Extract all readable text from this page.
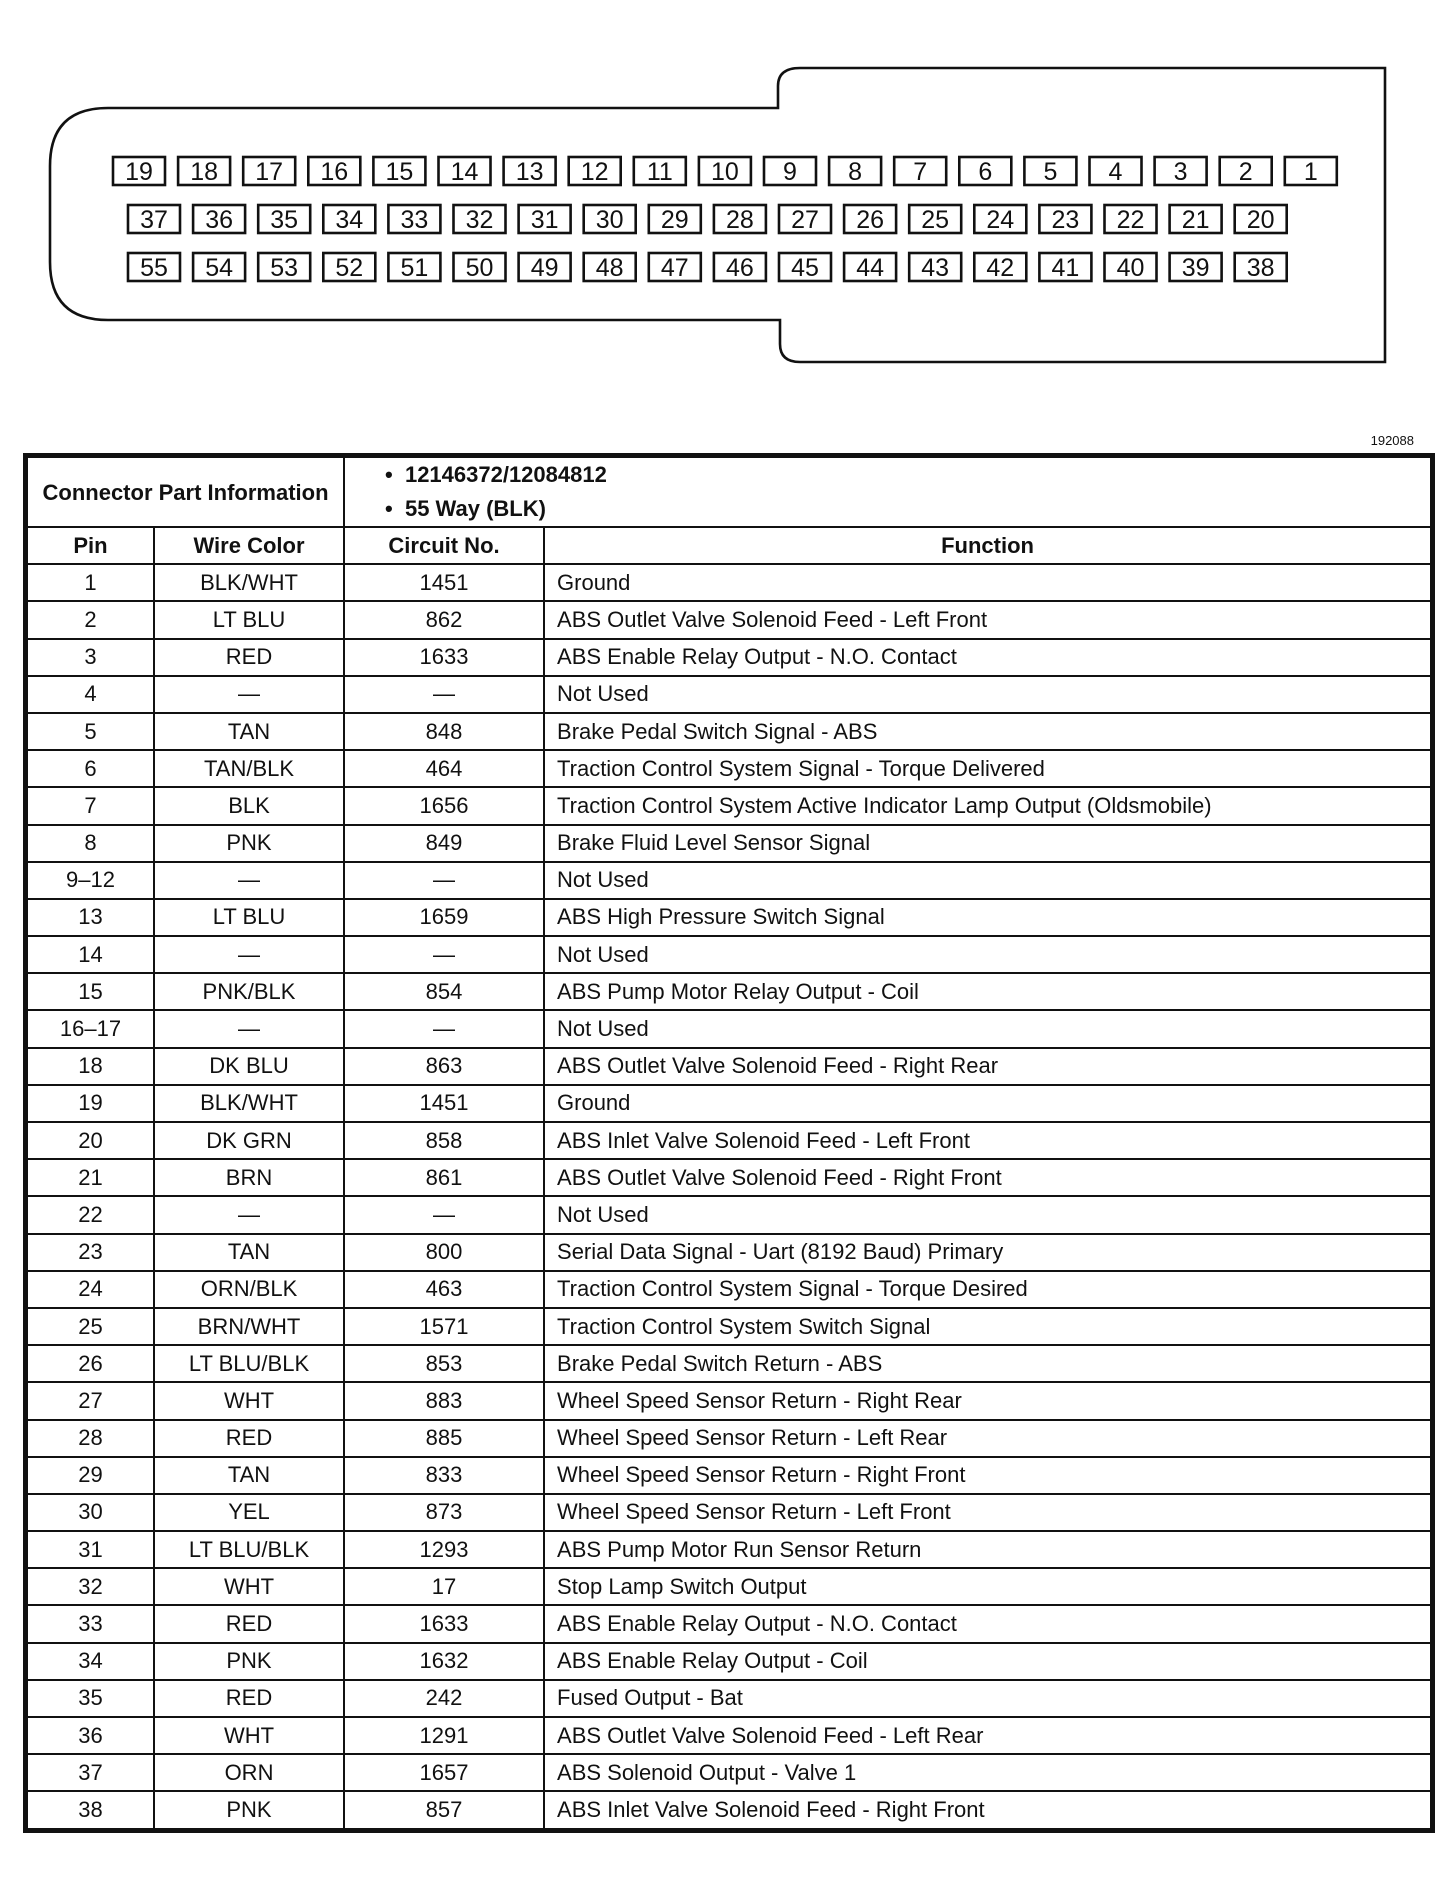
19 18 17 16 15 14 13 12 11 10 9 8 7 6 5 4 3 2 1
37 36 35 34 33 32 31 30 29 28 27 26 25 24 23 22 21 20
55 54 53 52 51 50 49 48 47 46 45 44 43 42 41 40 39 38
192088
Connector Part Information		•  12146372/12084812
•  55 Way (BLK)

Pin	Wire Color	Circuit No.	Function
1	BLK/WHT	1451	Ground
2	LT BLU	862	ABS Outlet Valve Solenoid Feed - Left Front
3	RED	1633	ABS Enable Relay Output - N.O. Contact
4	—	—	Not Used
5	TAN	848	Brake Pedal Switch Signal - ABS
6	TAN/BLK	464	Traction Control System Signal - Torque Delivered
7	BLK	1656	Traction Control System Active Indicator Lamp Output (Oldsmobile)
8	PNK	849	Brake Fluid Level Sensor Signal
9–12	—	—	Not Used
13	LT BLU	1659	ABS High Pressure Switch Signal
14	—	—	Not Used
15	PNK/BLK	854	ABS Pump Motor Relay Output - Coil
16–17	—	—	Not Used
18	DK BLU	863	ABS Outlet Valve Solenoid Feed - Right Rear
19	BLK/WHT	1451	Ground
20	DK GRN	858	ABS Inlet Valve Solenoid Feed - Left Front
21	BRN	861	ABS Outlet Valve Solenoid Feed - Right Front
22	—	—	Not Used
23	TAN	800	Serial Data Signal - Uart (8192 Baud) Primary
24	ORN/BLK	463	Traction Control System Signal - Torque Desired
25	BRN/WHT	1571	Traction Control System Switch Signal
26	LT BLU/BLK	853	Brake Pedal Switch Return - ABS
27	WHT	883	Wheel Speed Sensor Return - Right Rear
28	RED	885	Wheel Speed Sensor Return - Left Rear
29	TAN	833	Wheel Speed Sensor Return - Right Front
30	YEL	873	Wheel Speed Sensor Return - Left Front
31	LT BLU/BLK	1293	ABS Pump Motor Run Sensor Return
32	WHT	17	Stop Lamp Switch Output
33	RED	1633	ABS Enable Relay Output - N.O. Contact
34	PNK	1632	ABS Enable Relay Output - Coil
35	RED	242	Fused Output - Bat
36	WHT	1291	ABS Outlet Valve Solenoid Feed - Left Rear
37	ORN	1657	ABS Solenoid Output - Valve 1
38	PNK	857	ABS Inlet Valve Solenoid Feed - Right Front
